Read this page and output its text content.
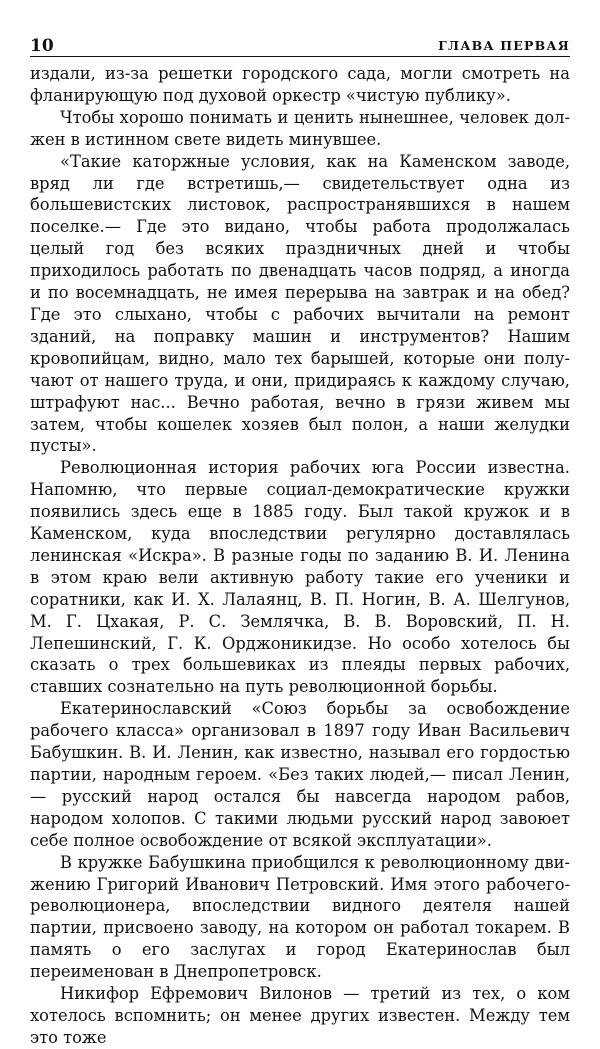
10	ГЛАВА ПЕРВАЯ

издали, из-за решетки городского сада, могли смотреть на фланирующую под духовой оркестр «чистую публику».

Чтобы хорошо понимать и ценить нынешнее, человек должен в истинном свете видеть минувшее.

«Такие каторжные условия, как на Каменском заводе, вряд ли где встретишь,— свидетельствует одна из большевистских листовок, распространявшихся в нашем поселке.— Где это видано, чтобы работа продолжалась целый год без всяких праздничных дней и чтобы приходилось работать по двенадцать часов подряд, а иногда и по восемнадцать, не имея перерыва на завтрак и на обед? Где это слыхано, чтобы с рабочих вычитали на ремонт зданий, на поправку машин и инструментов? Нашим кровопийцам, видно, мало тех барышей, которые они получают от нашего труда, и они, придираясь к каждому случаю, штрафуют нас... Вечно работая, вечно в грязи живем мы затем, чтобы кошелек хозяев был полон, а наши желудки пусты».

Революционная история рабочих юга России известна. Напомню, что первые социал-демократические кружки появились здесь еще в 1885 году. Был такой кружок и в Каменском, куда впоследствии регулярно доставлялась ленинская «Искра». В разные годы по заданию В. И. Ленина в этом краю вели активную работу такие его ученики и соратники, как И. Х. Лалаянц, В. П. Ногин, В. А. Шелгунов, М. Г. Цхакая, Р. С. Землячка, В. В. Воровский, П. Н. Лепешинский, Г. К. Орджоникидзе. Но особо хотелось бы сказать о трех большевиках из плеяды первых рабочих, ставших сознательно на путь революционной борьбы.

Екатеринославский «Союз борьбы за освобождение рабочего класса» организовал в 1897 году Иван Васильевич Бабушкин. В. И. Ленин, как известно, называл его гордостью партии, народным героем. «Без таких людей,— писал Ленин,— русский народ остался бы навсегда народом рабов, народом холопов. С такими людьми русский народ завоюет себе полное освобождение от всякой эксплуатации».

В кружке Бабушкина приобщился к революционному движению Григорий Иванович Петровский. Имя этого рабочего-революционера, впоследствии видного деятеля нашей партии, присвоено заводу, на котором он работал токарем. В память о его заслугах и город Екатеринослав был переименован в Днепропетровск.

Никифор Ефремович Вилонов — третий из тех, о ком хотелось вспомнить; он менее других известен. Между тем это тоже
